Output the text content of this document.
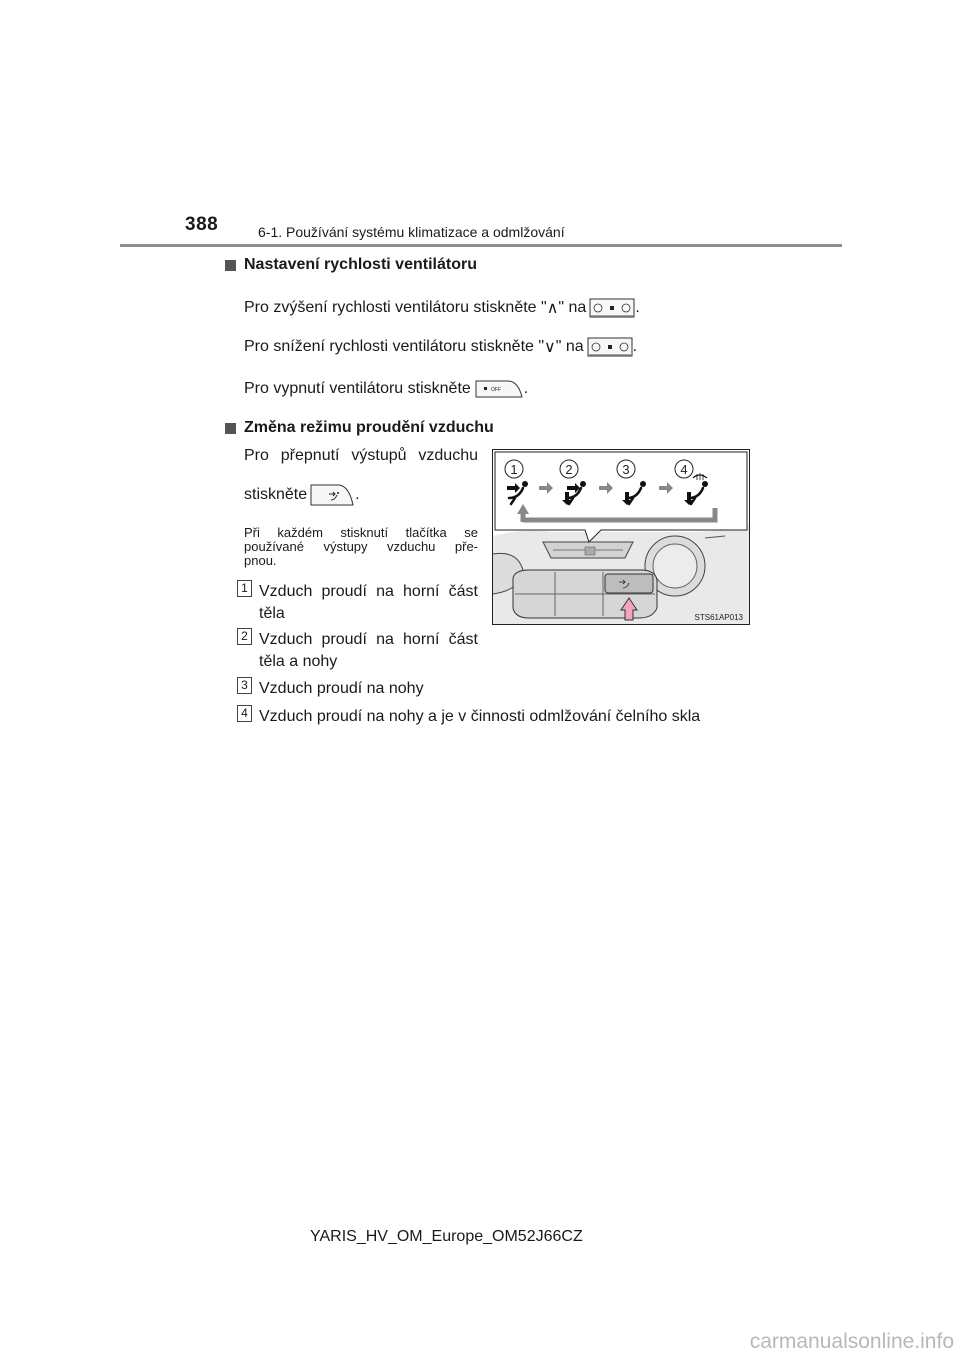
388	6-1. Používání systému klimatizace a odmlžování
Nastavení rychlosti ventilátoru
Pro zvýšení rychlosti ventilátoru stiskněte " ∧ " na	.
Pro snížení rychlosti ventilátoru stiskněte " ∨ " na	.
Pro vypnutí ventilátoru stiskněte	OFF .
Změna režimu proudění vzduchu
Pro přepnutí výstupů vzduchu
stiskněte	.
Při každém stisknutí tlačítka se
používané výstupy vzduchu pře-
pnou.
1 Vzduch proudí na horní část
těla
2 Vzduch proudí na horní část
těla a nohy
3 Vzduch proudí na nohy
4 Vzduch proudí na nohy a je v činnosti odmlžování čelního skla
1	2	3	4
STS61AP013
YARIS_HV_OM_Europe_OM52J66CZ
carmanualsonline.info
